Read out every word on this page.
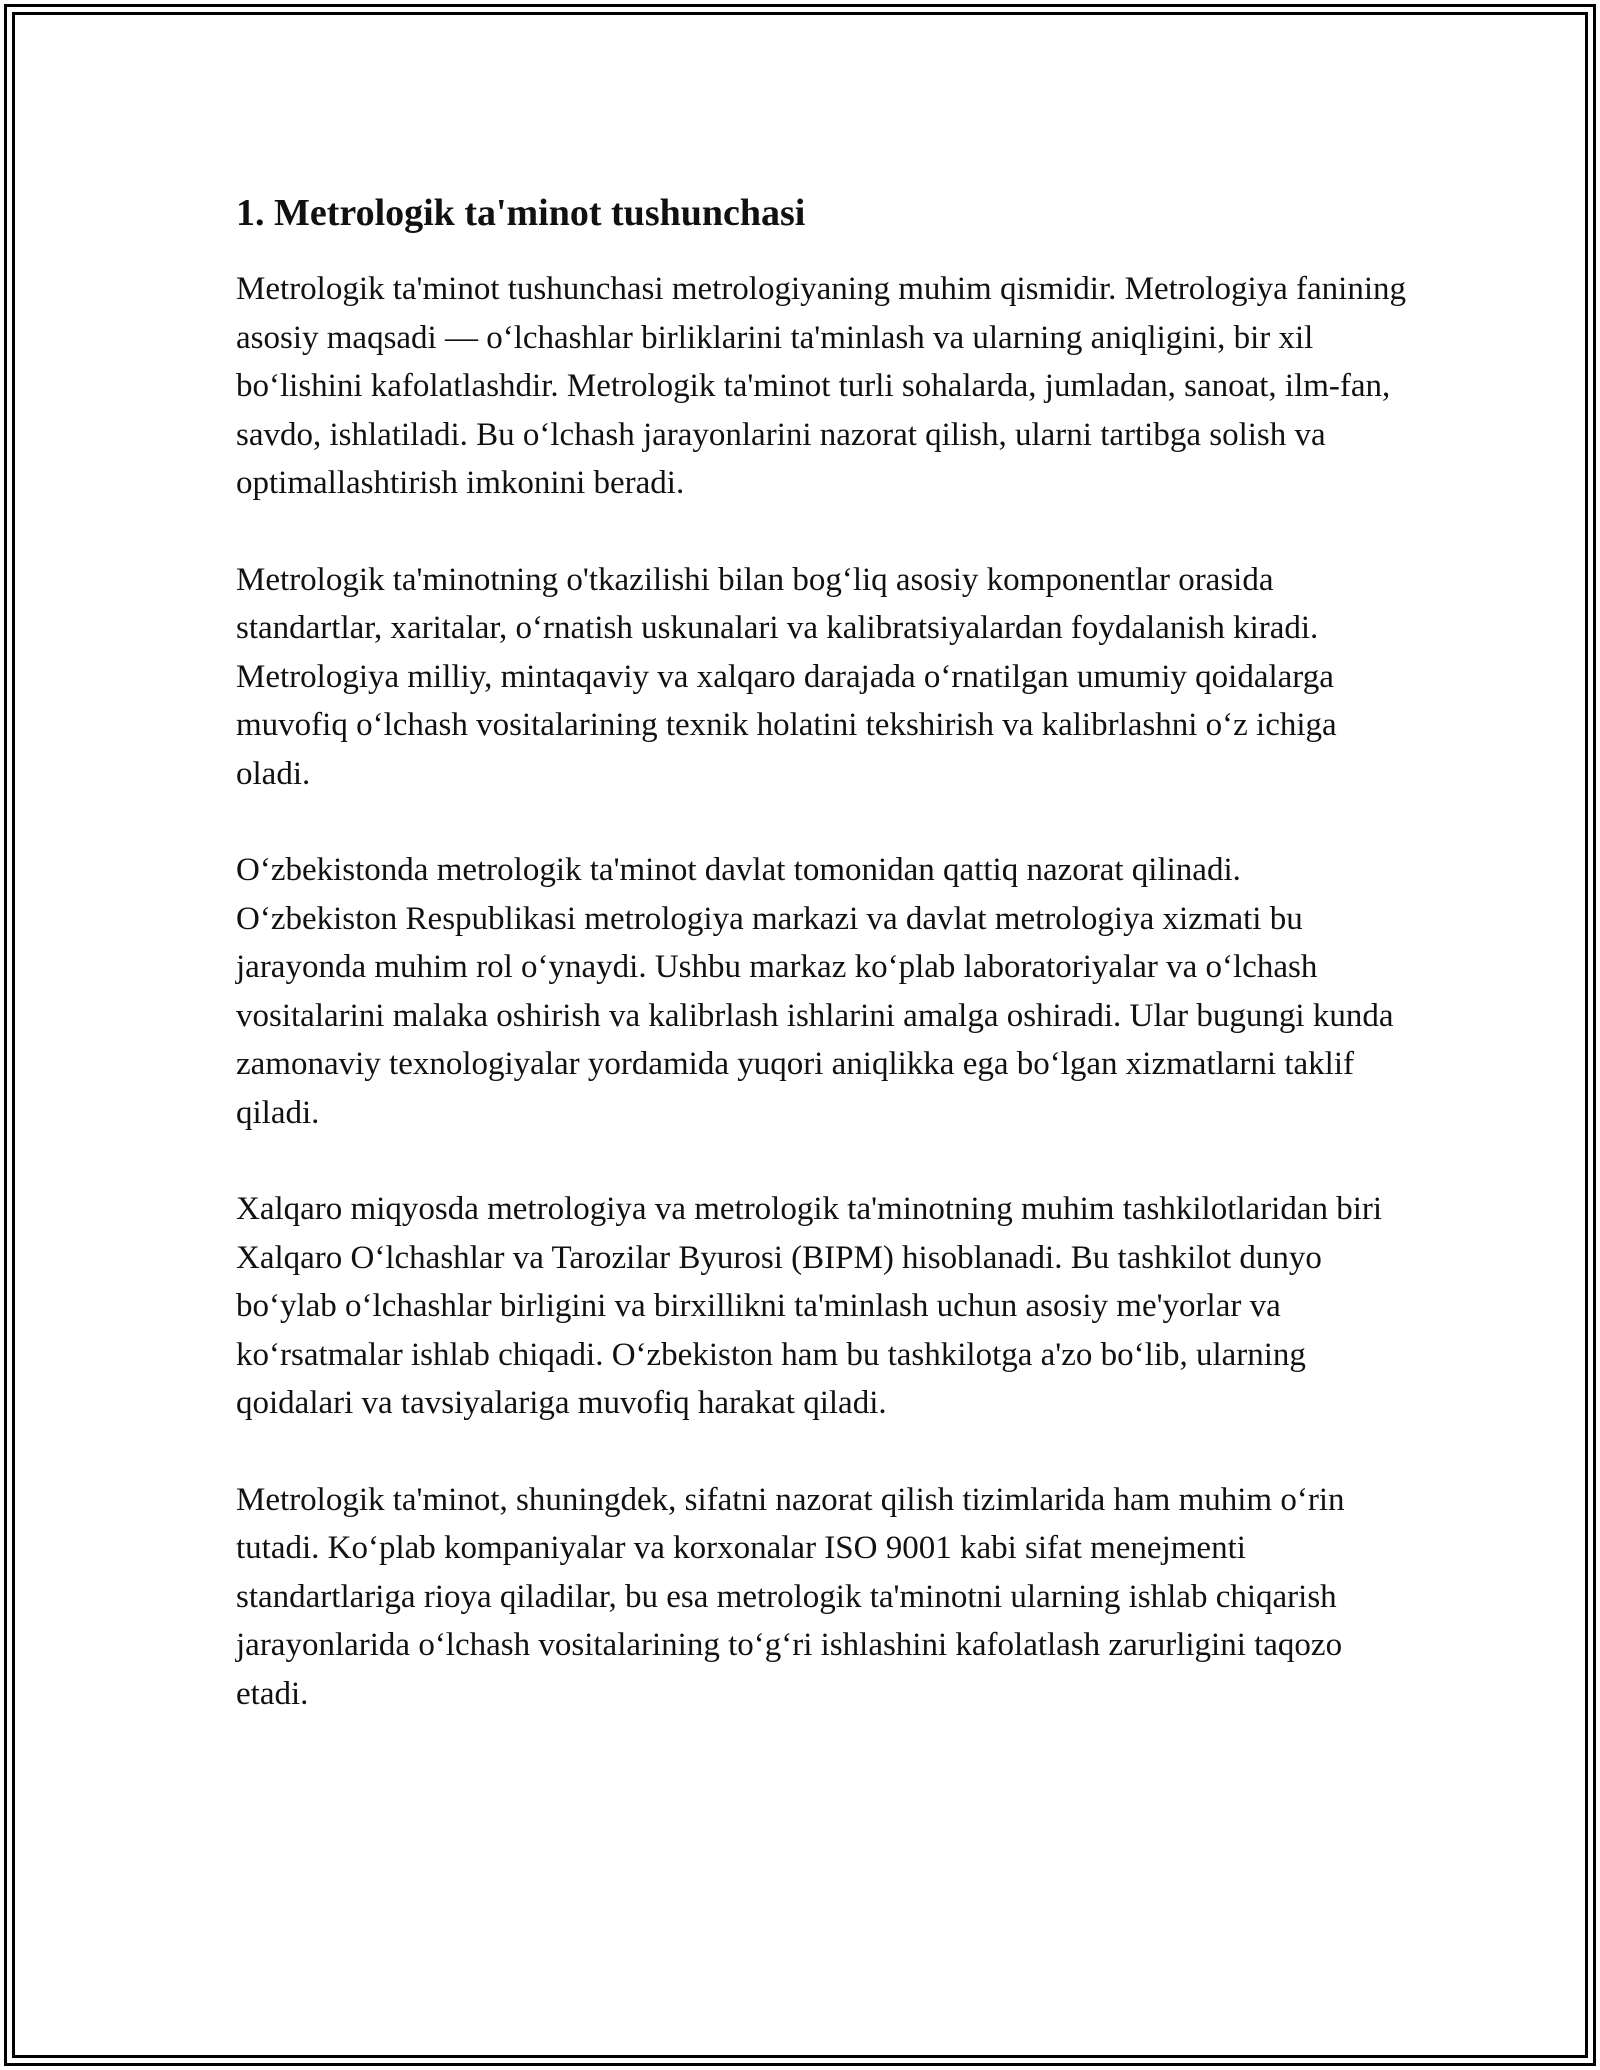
1. Metrologik ta'minot tushunchasi

Metrologik ta'minot tushunchasi metrologiyaning muhim qismidir. Metrologiya fanining asosiy maqsadi — o‘lchashlar birliklarini ta'minlash va ularning aniqligini, bir xil bo‘lishini kafolatlashdir. Metrologik ta'minot turli sohalarda, jumladan, sanoat, ilm-fan, savdo, ishlatiladi. Bu o‘lchash jarayonlarini nazorat qilish, ularni tartibga solish va optimallashtirish imkonini beradi.

Metrologik ta'minotning o'tkazilishi bilan bog‘liq asosiy komponentlar orasida standartlar, xaritalar, o‘rnatish uskunalari va kalibratsiyalardan foydalanish kiradi. Metrologiya milliy, mintaqaviy va xalqaro darajada o‘rnatilgan umumiy qoidalarga muvofiq o‘lchash vositalarining texnik holatini tekshirish va kalibrlashni o‘z ichiga oladi.

O‘zbekistonda metrologik ta'minot davlat tomonidan qattiq nazorat qilinadi. O‘zbekiston Respublikasi metrologiya markazi va davlat metrologiya xizmati bu jarayonda muhim rol o‘ynaydi. Ushbu markaz ko‘plab laboratoriyalar va o‘lchash vositalarini malaka oshirish va kalibrlash ishlarini amalga oshiradi. Ular bugungi kunda zamonaviy texnologiyalar yordamida yuqori aniqlikka ega bo‘lgan xizmatlarni taklif qiladi.

Xalqaro miqyosda metrologiya va metrologik ta'minotning muhim tashkilotlaridan biri Xalqaro O‘lchashlar va Tarozilar Byurosi (BIPM) hisoblanadi. Bu tashkilot dunyo bo‘ylab o‘lchashlar birligini va birxillikni ta'minlash uchun asosiy me'yorlar va ko‘rsatmalar ishlab chiqadi. O‘zbekiston ham bu tashkilotga a'zo bo‘lib, ularning qoidalari va tavsiyalariga muvofiq harakat qiladi.

Metrologik ta'minot, shuningdek, sifatni nazorat qilish tizimlarida ham muhim o‘rin tutadi. Ko‘plab kompaniyalar va korxonalar ISO 9001 kabi sifat menejmenti standartlariga rioya qiladilar, bu esa metrologik ta'minotni ularning ishlab chiqarish jarayonlarida o‘lchash vositalarining to‘g‘ri ishlashini kafolatlash zarurligini taqozo etadi.
